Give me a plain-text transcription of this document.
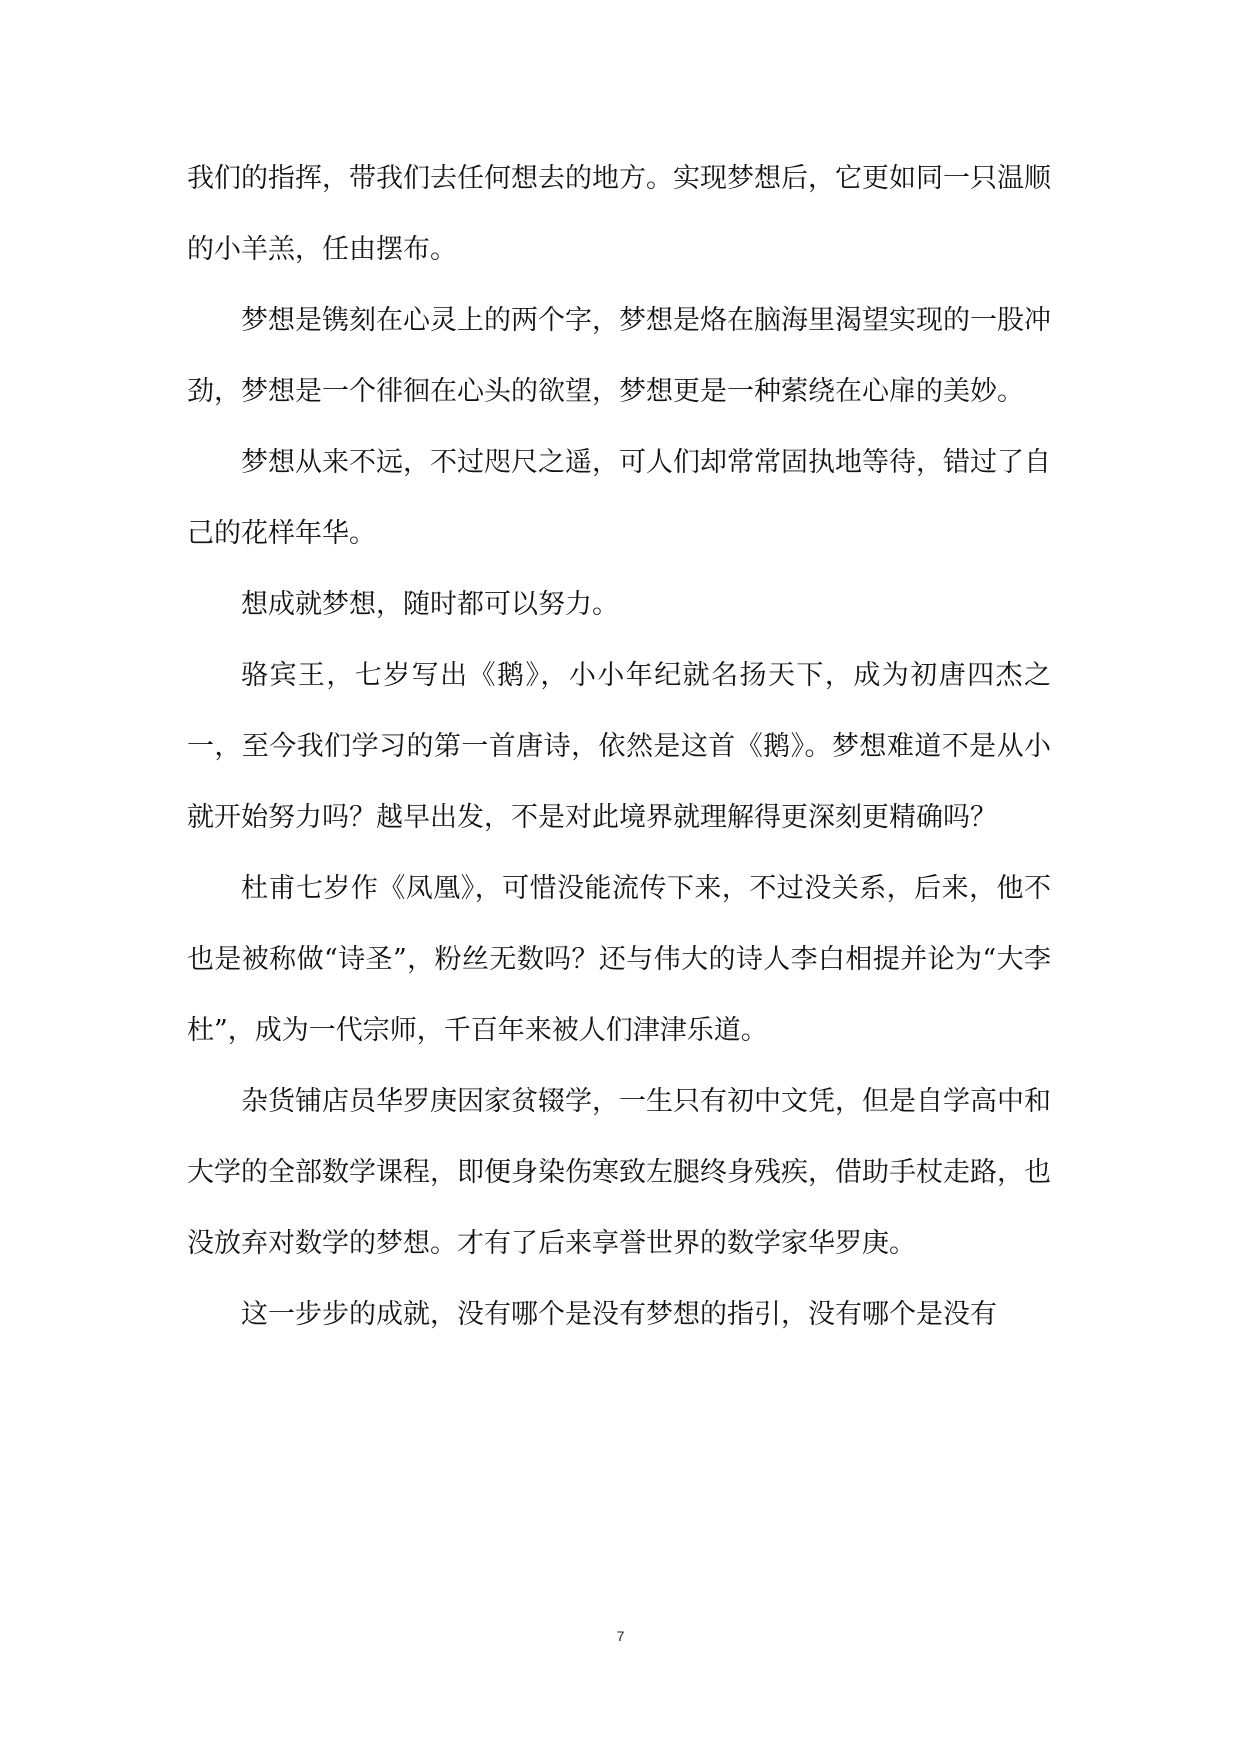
我们的指挥，带我们去任何想去的地方。实现梦想后，它更如同一只温顺的小羊羔，任由摆布。

梦想是镌刻在心灵上的两个字，梦想是烙在脑海里渴望实现的一股冲劲，梦想是一个徘徊在心头的欲望，梦想更是一种萦绕在心扉的美妙。

梦想从来不远，不过咫尺之遥，可人们却常常固执地等待，错过了自己的花样年华。

想成就梦想，随时都可以努力。

骆宾王，七岁写出《鹅》，小小年纪就名扬天下，成为初唐四杰之一，至今我们学习的第一首唐诗，依然是这首《鹅》。梦想难道不是从小就开始努力吗？越早出发，不是对此境界就理解得更深刻更精确吗？

杜甫七岁作《凤凰》，可惜没能流传下来，不过没关系，后来，他不也是被称做“诗圣”，粉丝无数吗？还与伟大的诗人李白相提并论为“大李杜”，成为一代宗师，千百年来被人们津津乐道。

杂货铺店员华罗庚因家贫辍学，一生只有初中文凭，但是自学高中和大学的全部数学课程，即便身染伤寒致左腿终身残疾，借助手杖走路，也没放弃对数学的梦想。才有了后来享誉世界的数学家华罗庚。

这一步步的成就，没有哪个是没有梦想的指引，没有哪个是没有

7
